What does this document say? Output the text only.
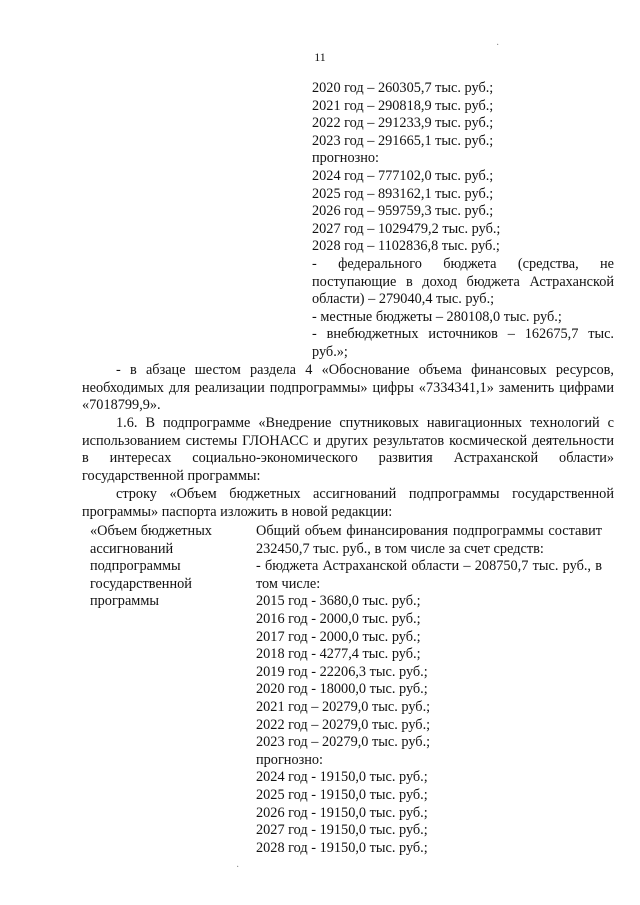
11
2020 год – 260305,7 тыс. руб.;
2021 год – 290818,9 тыс. руб.;
2022 год – 291233,9 тыс. руб.;
2023 год – 291665,1 тыс. руб.;
прогнозно:
2024 год – 777102,0 тыс. руб.;
2025 год – 893162,1 тыс. руб.;
2026 год – 959759,3 тыс. руб.;
2027 год – 1029479,2 тыс. руб.;
2028 год – 1102836,8 тыс. руб.;
- федерального бюджета (средства, не поступающие в доход бюджета Астраханской области) – 279040,4 тыс. руб.;
- местные бюджеты – 280108,0 тыс. руб.;
- внебюджетных источников – 162675,7 тыс. руб.»;
- в абзаце шестом раздела 4 «Обоснование объема финансовых ресурсов, необходимых для реализации подпрограммы» цифры «7334341,1» заменить цифрами «7018799,9».
1.6. В подпрограмме «Внедрение спутниковых навигационных технологий с использованием системы ГЛОНАСС и других результатов космической деятельности в интересах социально-экономического развития Астраханской области» государственной программы:
строку «Объем бюджетных ассигнований подпрограммы государственной программы» паспорта изложить в новой редакции:
«Объем бюджетных ассигнований подпрограммы государственной программы
Общий объем финансирования подпрограммы составит 232450,7 тыс. руб., в том числе за счет средств:
- бюджета Астраханской области – 208750,7 тыс. руб., в том числе:
2015 год - 3680,0 тыс. руб.;
2016 год - 2000,0 тыс. руб.;
2017 год - 2000,0 тыс. руб.;
2018 год - 4277,4 тыс. руб.;
2019 год - 22206,3 тыс. руб.;
2020 год - 18000,0 тыс. руб.;
2021 год – 20279,0 тыс. руб.;
2022 год – 20279,0 тыс. руб.;
2023 год – 20279,0 тыс. руб.;
прогнозно:
2024 год - 19150,0 тыс. руб.;
2025 год - 19150,0 тыс. руб.;
2026 год - 19150,0 тыс. руб.;
2027 год - 19150,0 тыс. руб.;
2028 год - 19150,0 тыс. руб.;
·
·
